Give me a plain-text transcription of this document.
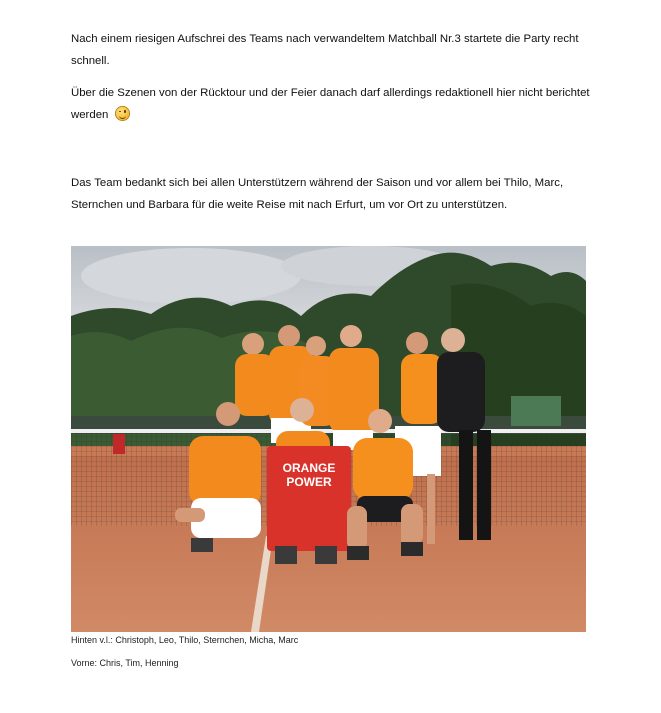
Nach einem riesigen Aufschrei des Teams nach verwandeltem Matchball Nr.3 startete die Party recht schnell.

Über die Szenen von der Rücktour und der Feier danach darf allerdings redaktionell hier nicht berichtet werden

Das Team bedankt sich bei allen Unterstützern während der Saison und vor allem bei Thilo, Marc, Sternchen und Barbara für die weite Reise mit nach Erfurt, um vor Ort zu unterstützen.

ORANGE
POWER

Hinten v.l.: Christoph, Leo, Thilo, Sternchen, Micha, Marc

Vorne: Chris, Tim, Henning
